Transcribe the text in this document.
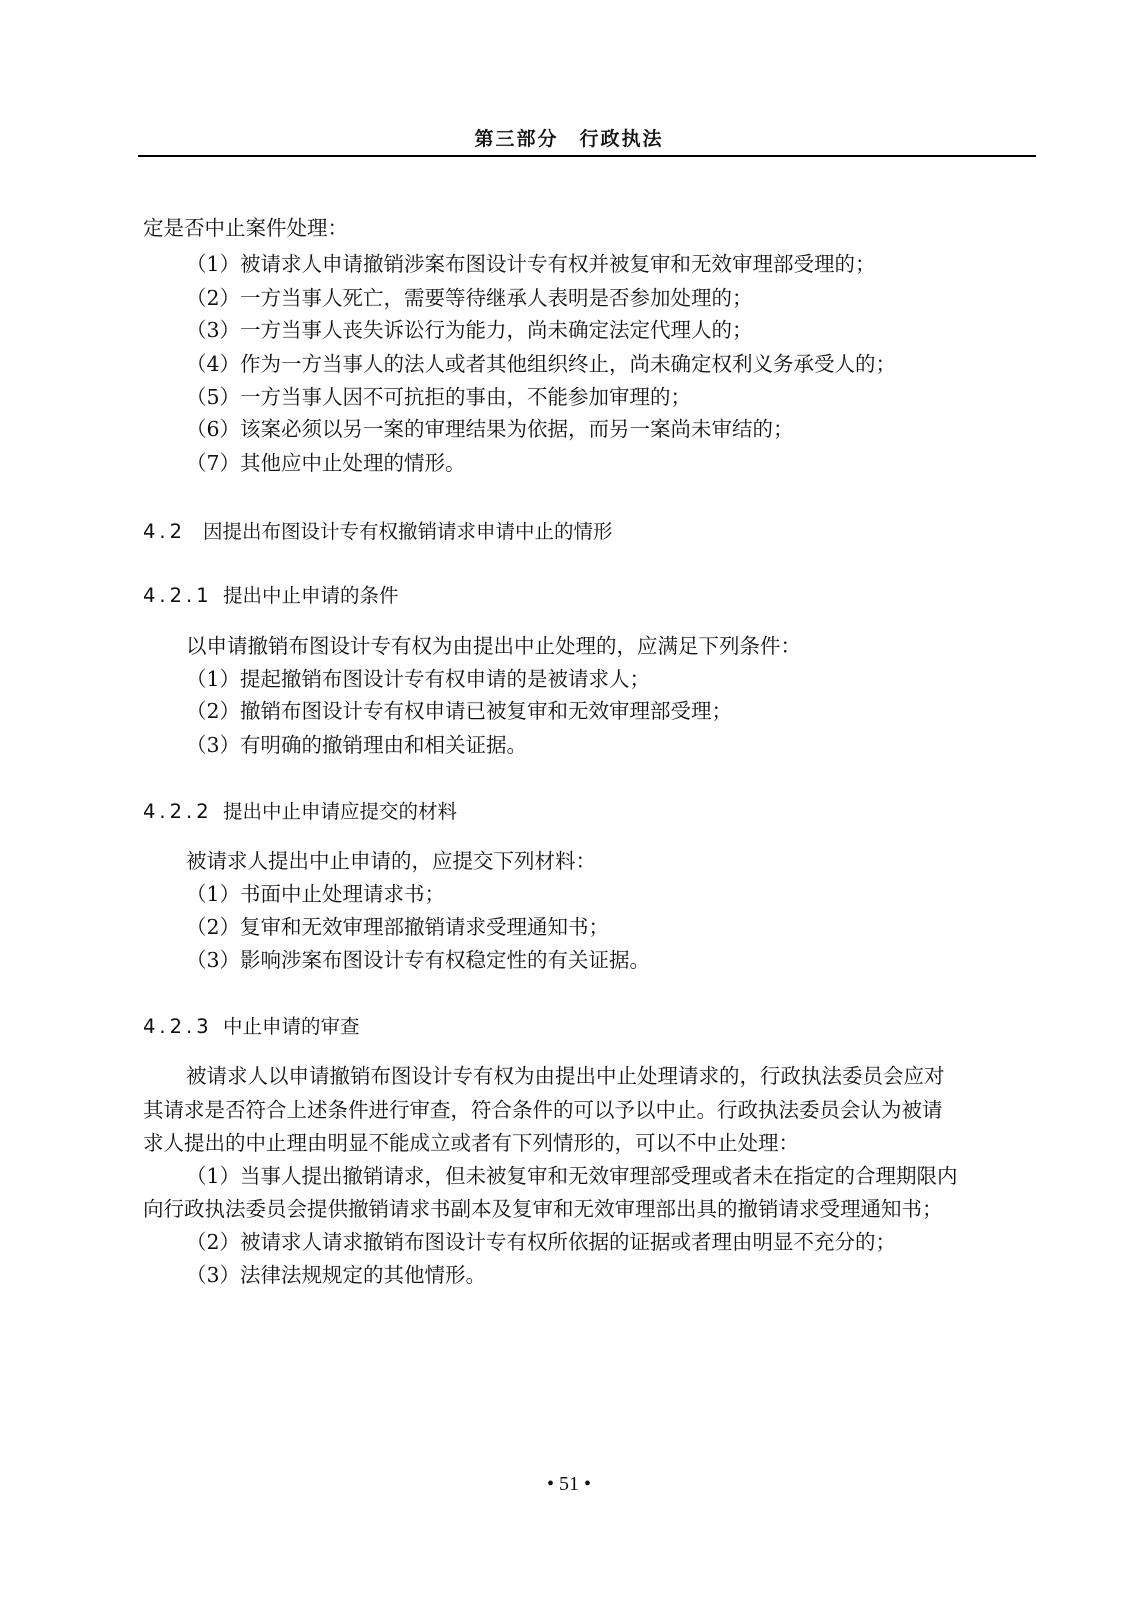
第三部分　行政执法
定是否中止案件处理：
（1）被请求人申请撤销涉案布图设计专有权并被复审和无效审理部受理的；
（2）一方当事人死亡，需要等待继承人表明是否参加处理的；
（3）一方当事人丧失诉讼行为能力，尚未确定法定代理人的；
（4）作为一方当事人的法人或者其他组织终止，尚未确定权利义务承受人的；
（5）一方当事人因不可抗拒的事由，不能参加审理的；
（6）该案必须以另一案的审理结果为依据，而另一案尚未审结的；
（7）其他应中止处理的情形。
4.2 因提出布图设计专有权撤销请求申请中止的情形
4.2.1 提出中止申请的条件
以申请撤销布图设计专有权为由提出中止处理的，应满足下列条件：
（1）提起撤销布图设计专有权申请的是被请求人；
（2）撤销布图设计专有权申请已被复审和无效审理部受理；
（3）有明确的撤销理由和相关证据。
4.2.2 提出中止申请应提交的材料
被请求人提出中止申请的，应提交下列材料：
（1）书面中止处理请求书；
（2）复审和无效审理部撤销请求受理通知书；
（3）影响涉案布图设计专有权稳定性的有关证据。
4.2.3 中止申请的审查
被请求人以申请撤销布图设计专有权为由提出中止处理请求的，行政执法委员会应对
其请求是否符合上述条件进行审查，符合条件的可以予以中止。行政执法委员会认为被请
求人提出的中止理由明显不能成立或者有下列情形的，可以不中止处理：
（1）当事人提出撤销请求，但未被复审和无效审理部受理或者未在指定的合理期限内
向行政执法委员会提供撤销请求书副本及复审和无效审理部出具的撤销请求受理通知书；
（2）被请求人请求撤销布图设计专有权所依据的证据或者理由明显不充分的；
（3）法律法规规定的其他情形。
• 51 •
